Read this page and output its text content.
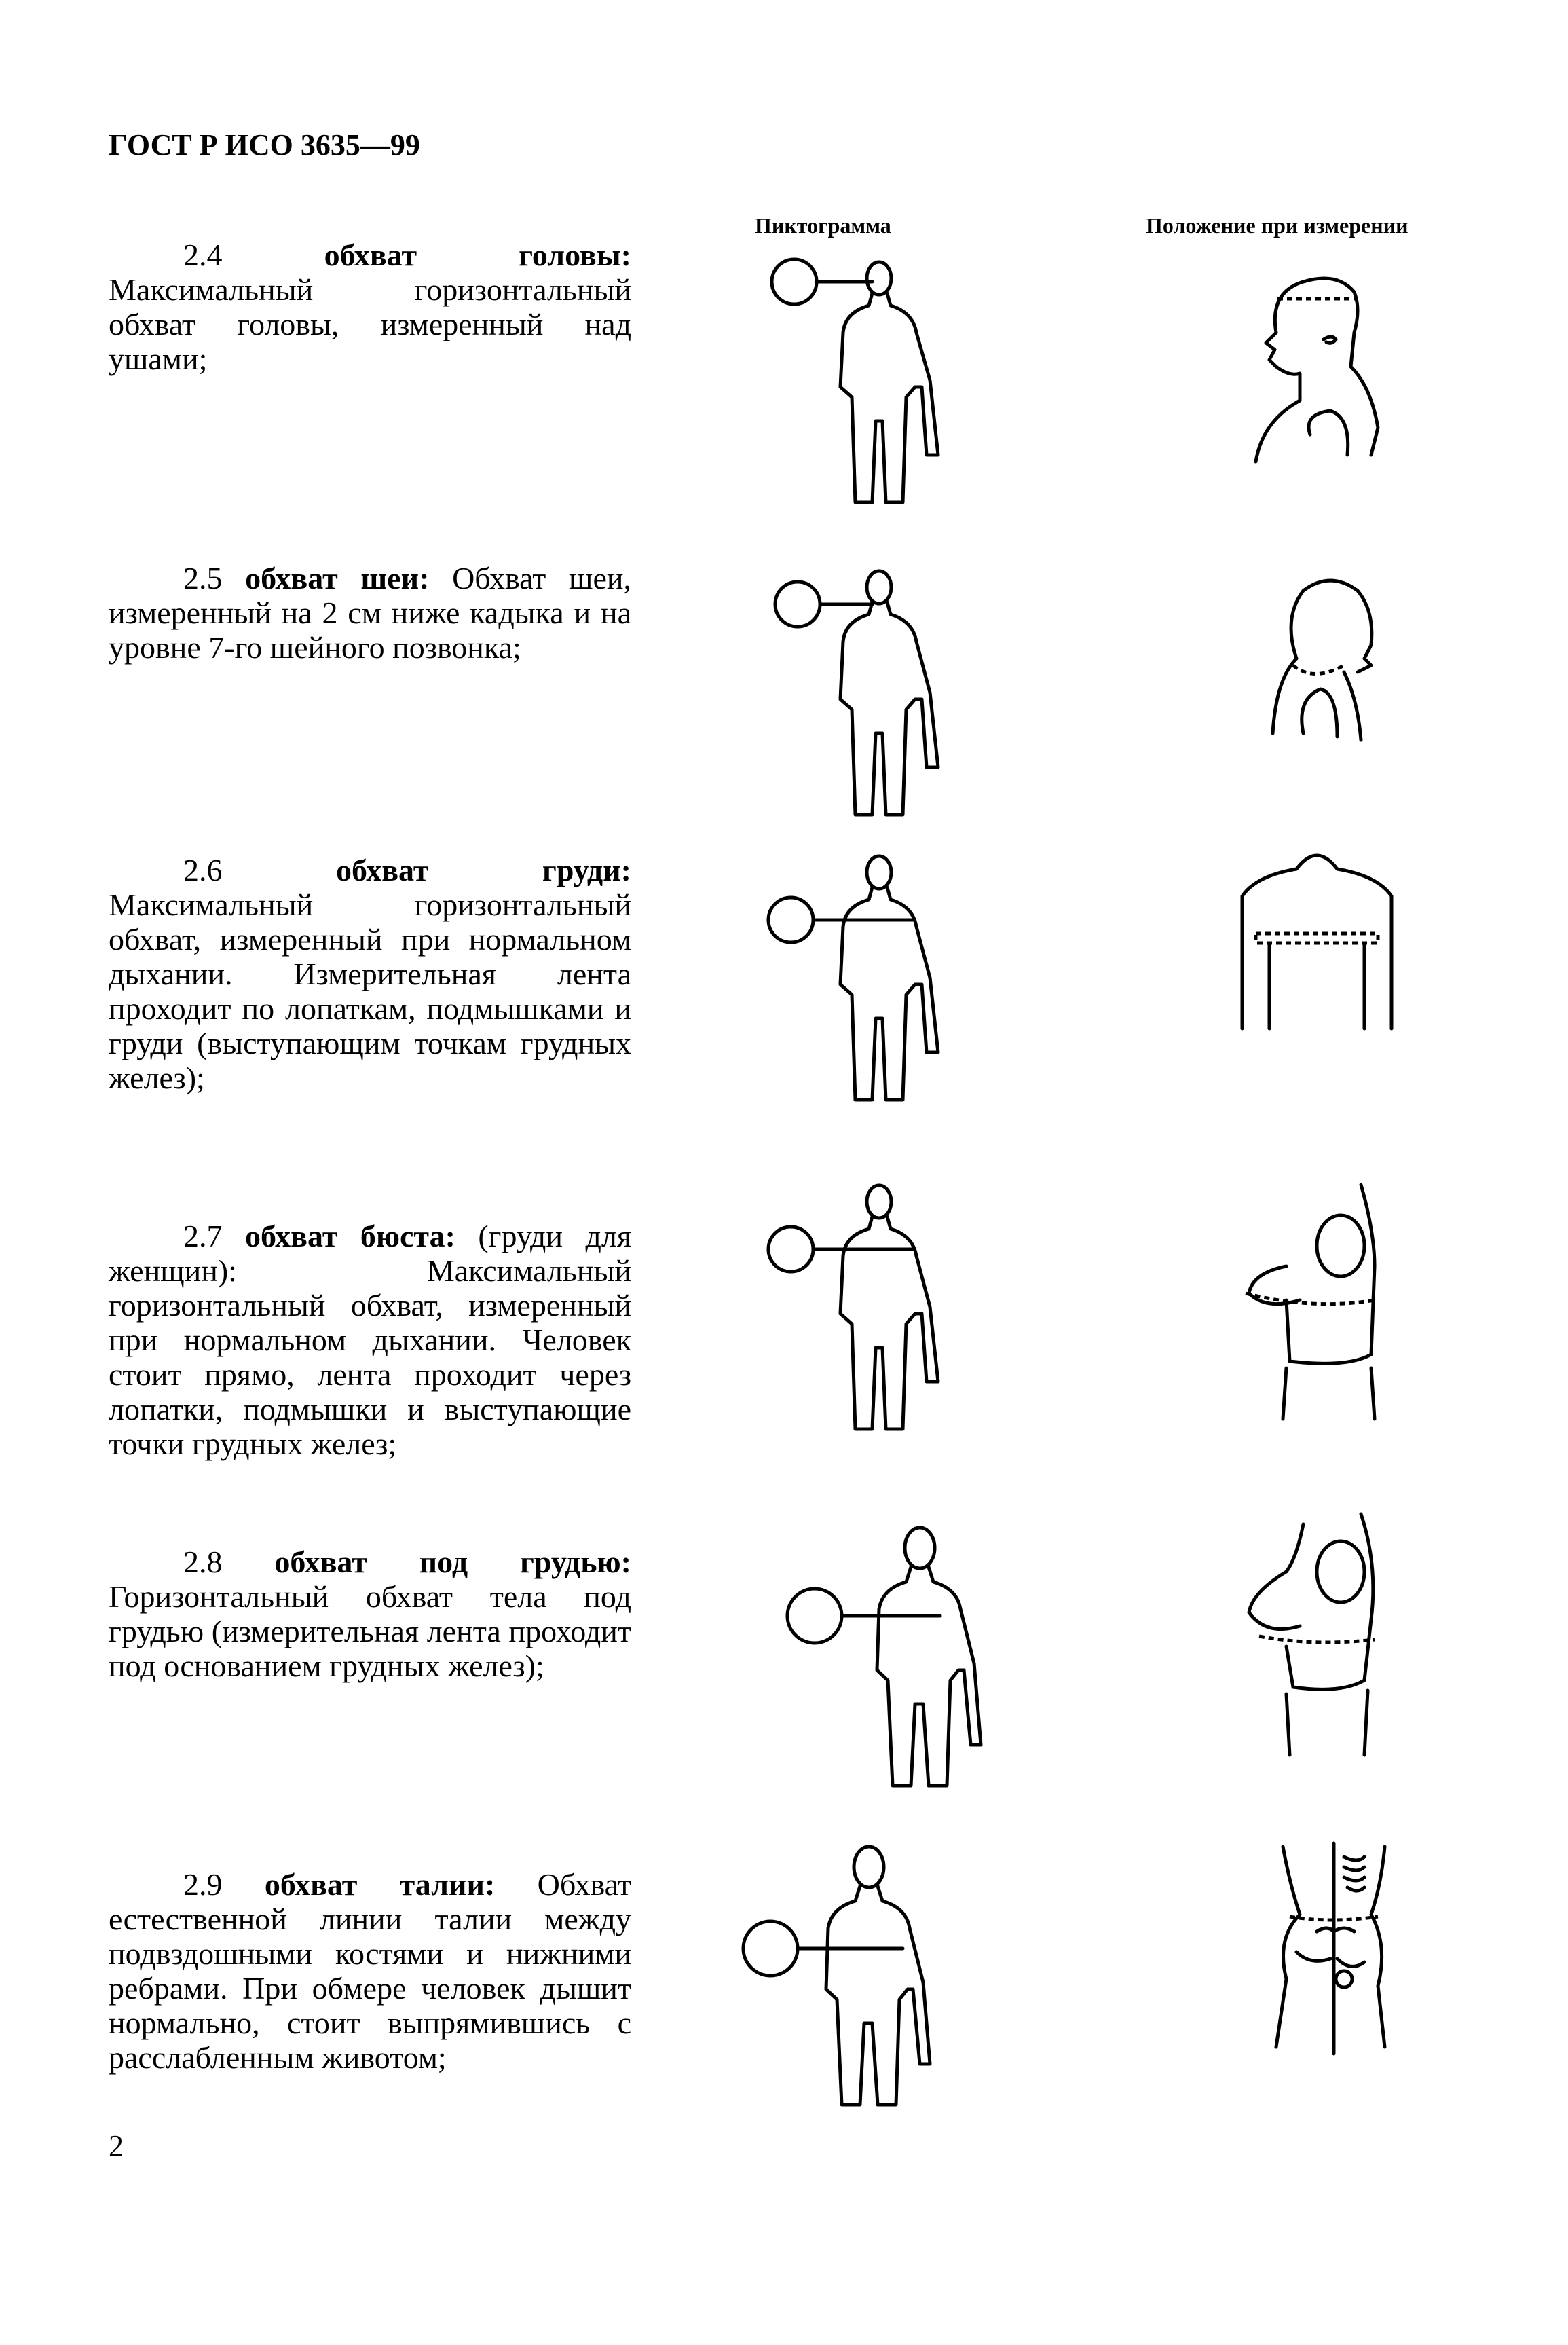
ГОСТ Р ИСО 3635—99
Пиктограмма	Положение при измерении

2.4	обхват головы: Максимальный горизонтальный обхват головы, измеренный над ушами;

2.5 обхват шеи: Обхват шеи, измеренный на 2 см ниже кадыка и на уровне 7-го шейного позвонка;

2.6	обхват груди: Максимальный горизонтальный обхват, измеренный при нормальном дыхании. Измерительная лента проходит по лопаткам, подмышками и груди (выступающим точкам грудных желез);

2.7 обхват бюста: (груди для женщин): Максимальный горизонтальный обхват, измеренный при нормальном дыхании. Человек стоит прямо, лента проходит через лопатки, подмышки и выступающие точки грудных желез;

2.8 обхват под грудью: Горизонтальный обхват тела под грудью (измерительная лента проходит под основанием грудных желез);

2.9 обхват талии: Обхват естественной линии талии между подвздошными костями и нижними ребрами. При обмере человек дышит нормально, стоит выпрямившись с расслабленным животом;

2
